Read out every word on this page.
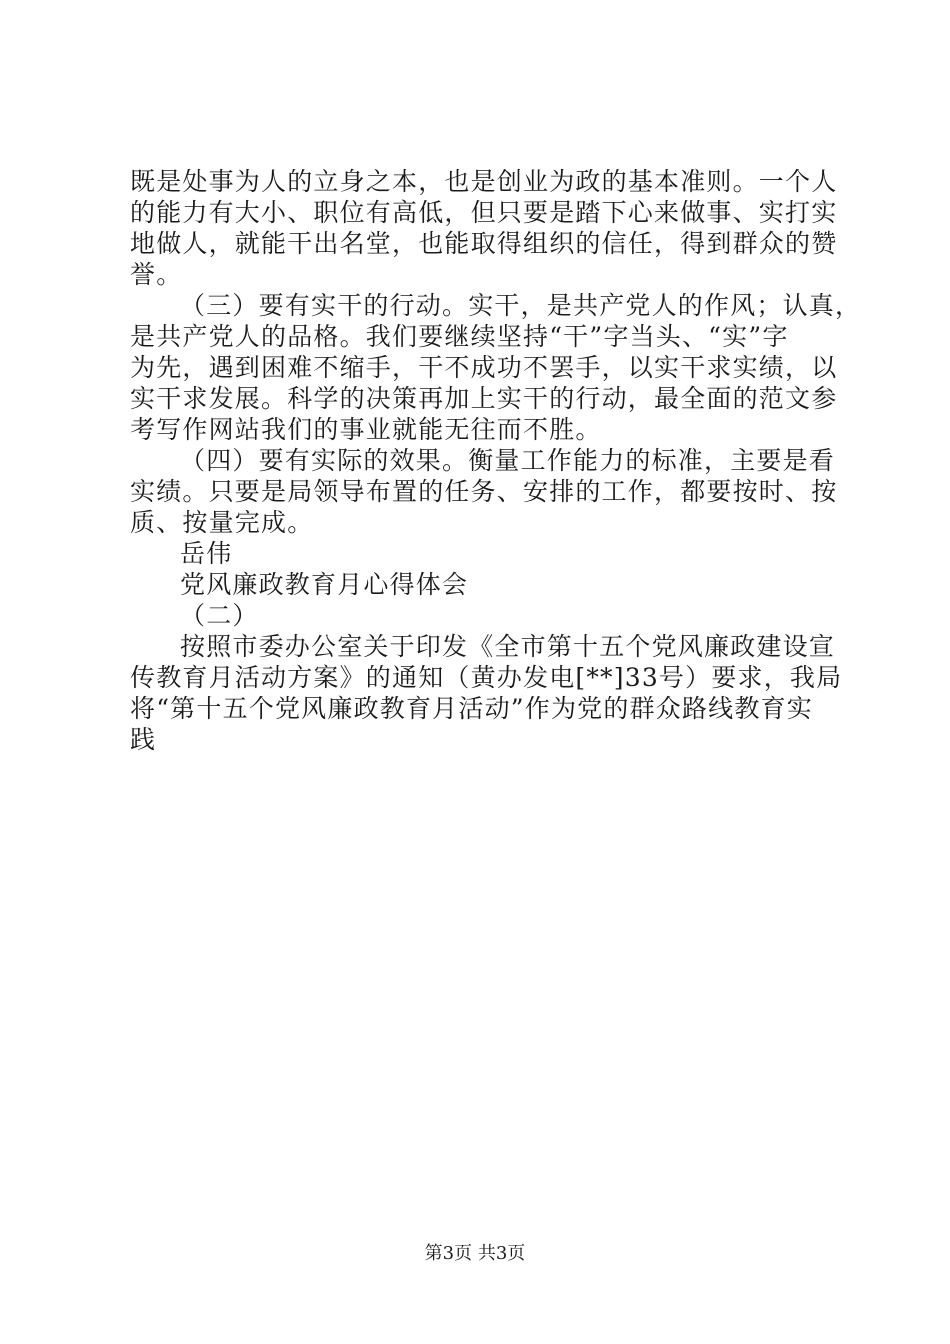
既是处事为人的立身之本，也是创业为政的基本准则。一个人
的能力有大小、职位有高低，但只要是踏下心来做事、实打实
地做人，就能干出名堂，也能取得组织的信任，得到群众的赞
誉。
（三）要有实干的行动。实干，是共产党人的作风；认真，
是共产党人的品格。我们要继续坚持“干”字当头、“实”字
为先，遇到困难不缩手，干不成功不罢手，以实干求实绩，以
实干求发展。科学的决策再加上实干的行动，最全面的范文参
考写作网站我们的事业就能无往而不胜。
（四）要有实际的效果。衡量工作能力的标准，主要是看
实绩。只要是局领导布置的任务、安排的工作，都要按时、按
质、按量完成。
岳伟
党风廉政教育月心得体会
（二）
按照市委办公室关于印发《全市第十五个党风廉政建设宣
传教育月活动方案》的通知（黄办发电[**]33号）要求，我局
将“第十五个党风廉政教育月活动”作为党的群众路线教育实
践
第3页 共3页
